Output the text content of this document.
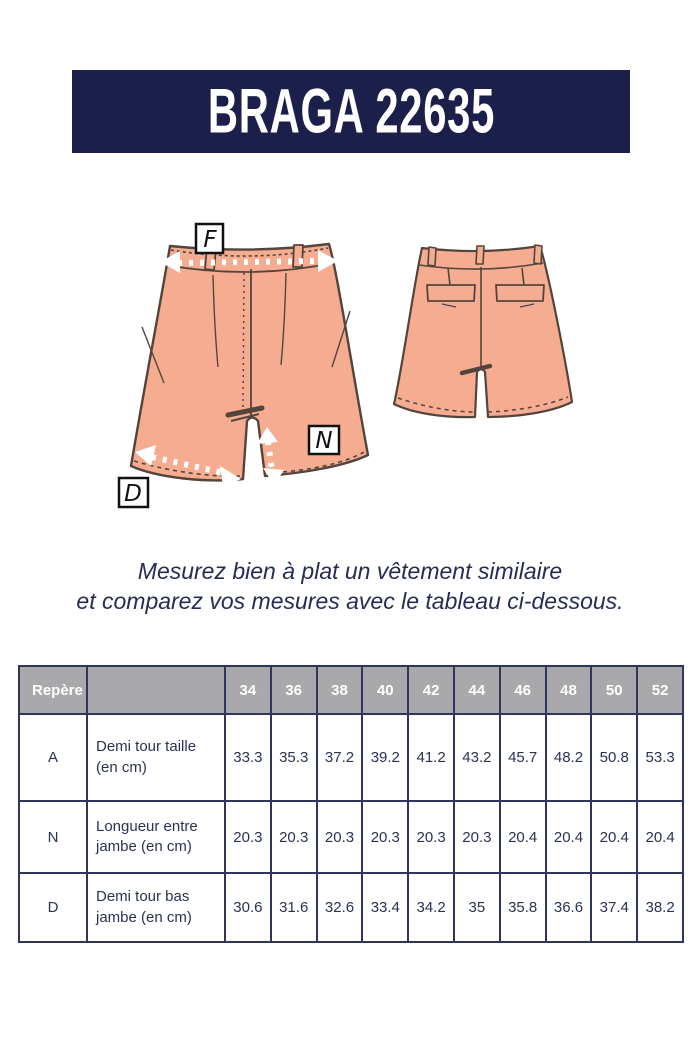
BRAGA 22635
F
N
D
Mesurez bien à plat un vêtement similaire
et comparez vos mesures avec le tableau ci-dessous.
Repère		34	36	38	40	42	44	46	48	50	52
A	Demi tour taille (en cm)	33.3	35.3	37.2	39.2	41.2	43.2	45.7	48.2	50.8	53.3
N	Longueur entre jambe (en cm)	20.3	20.3	20.3	20.3	20.3	20.3	20.4	20.4	20.4	20.4
D	Demi tour bas jambe (en cm)	30.6	31.6	32.6	33.4	34.2	35	35.8	36.6	37.4	38.2
